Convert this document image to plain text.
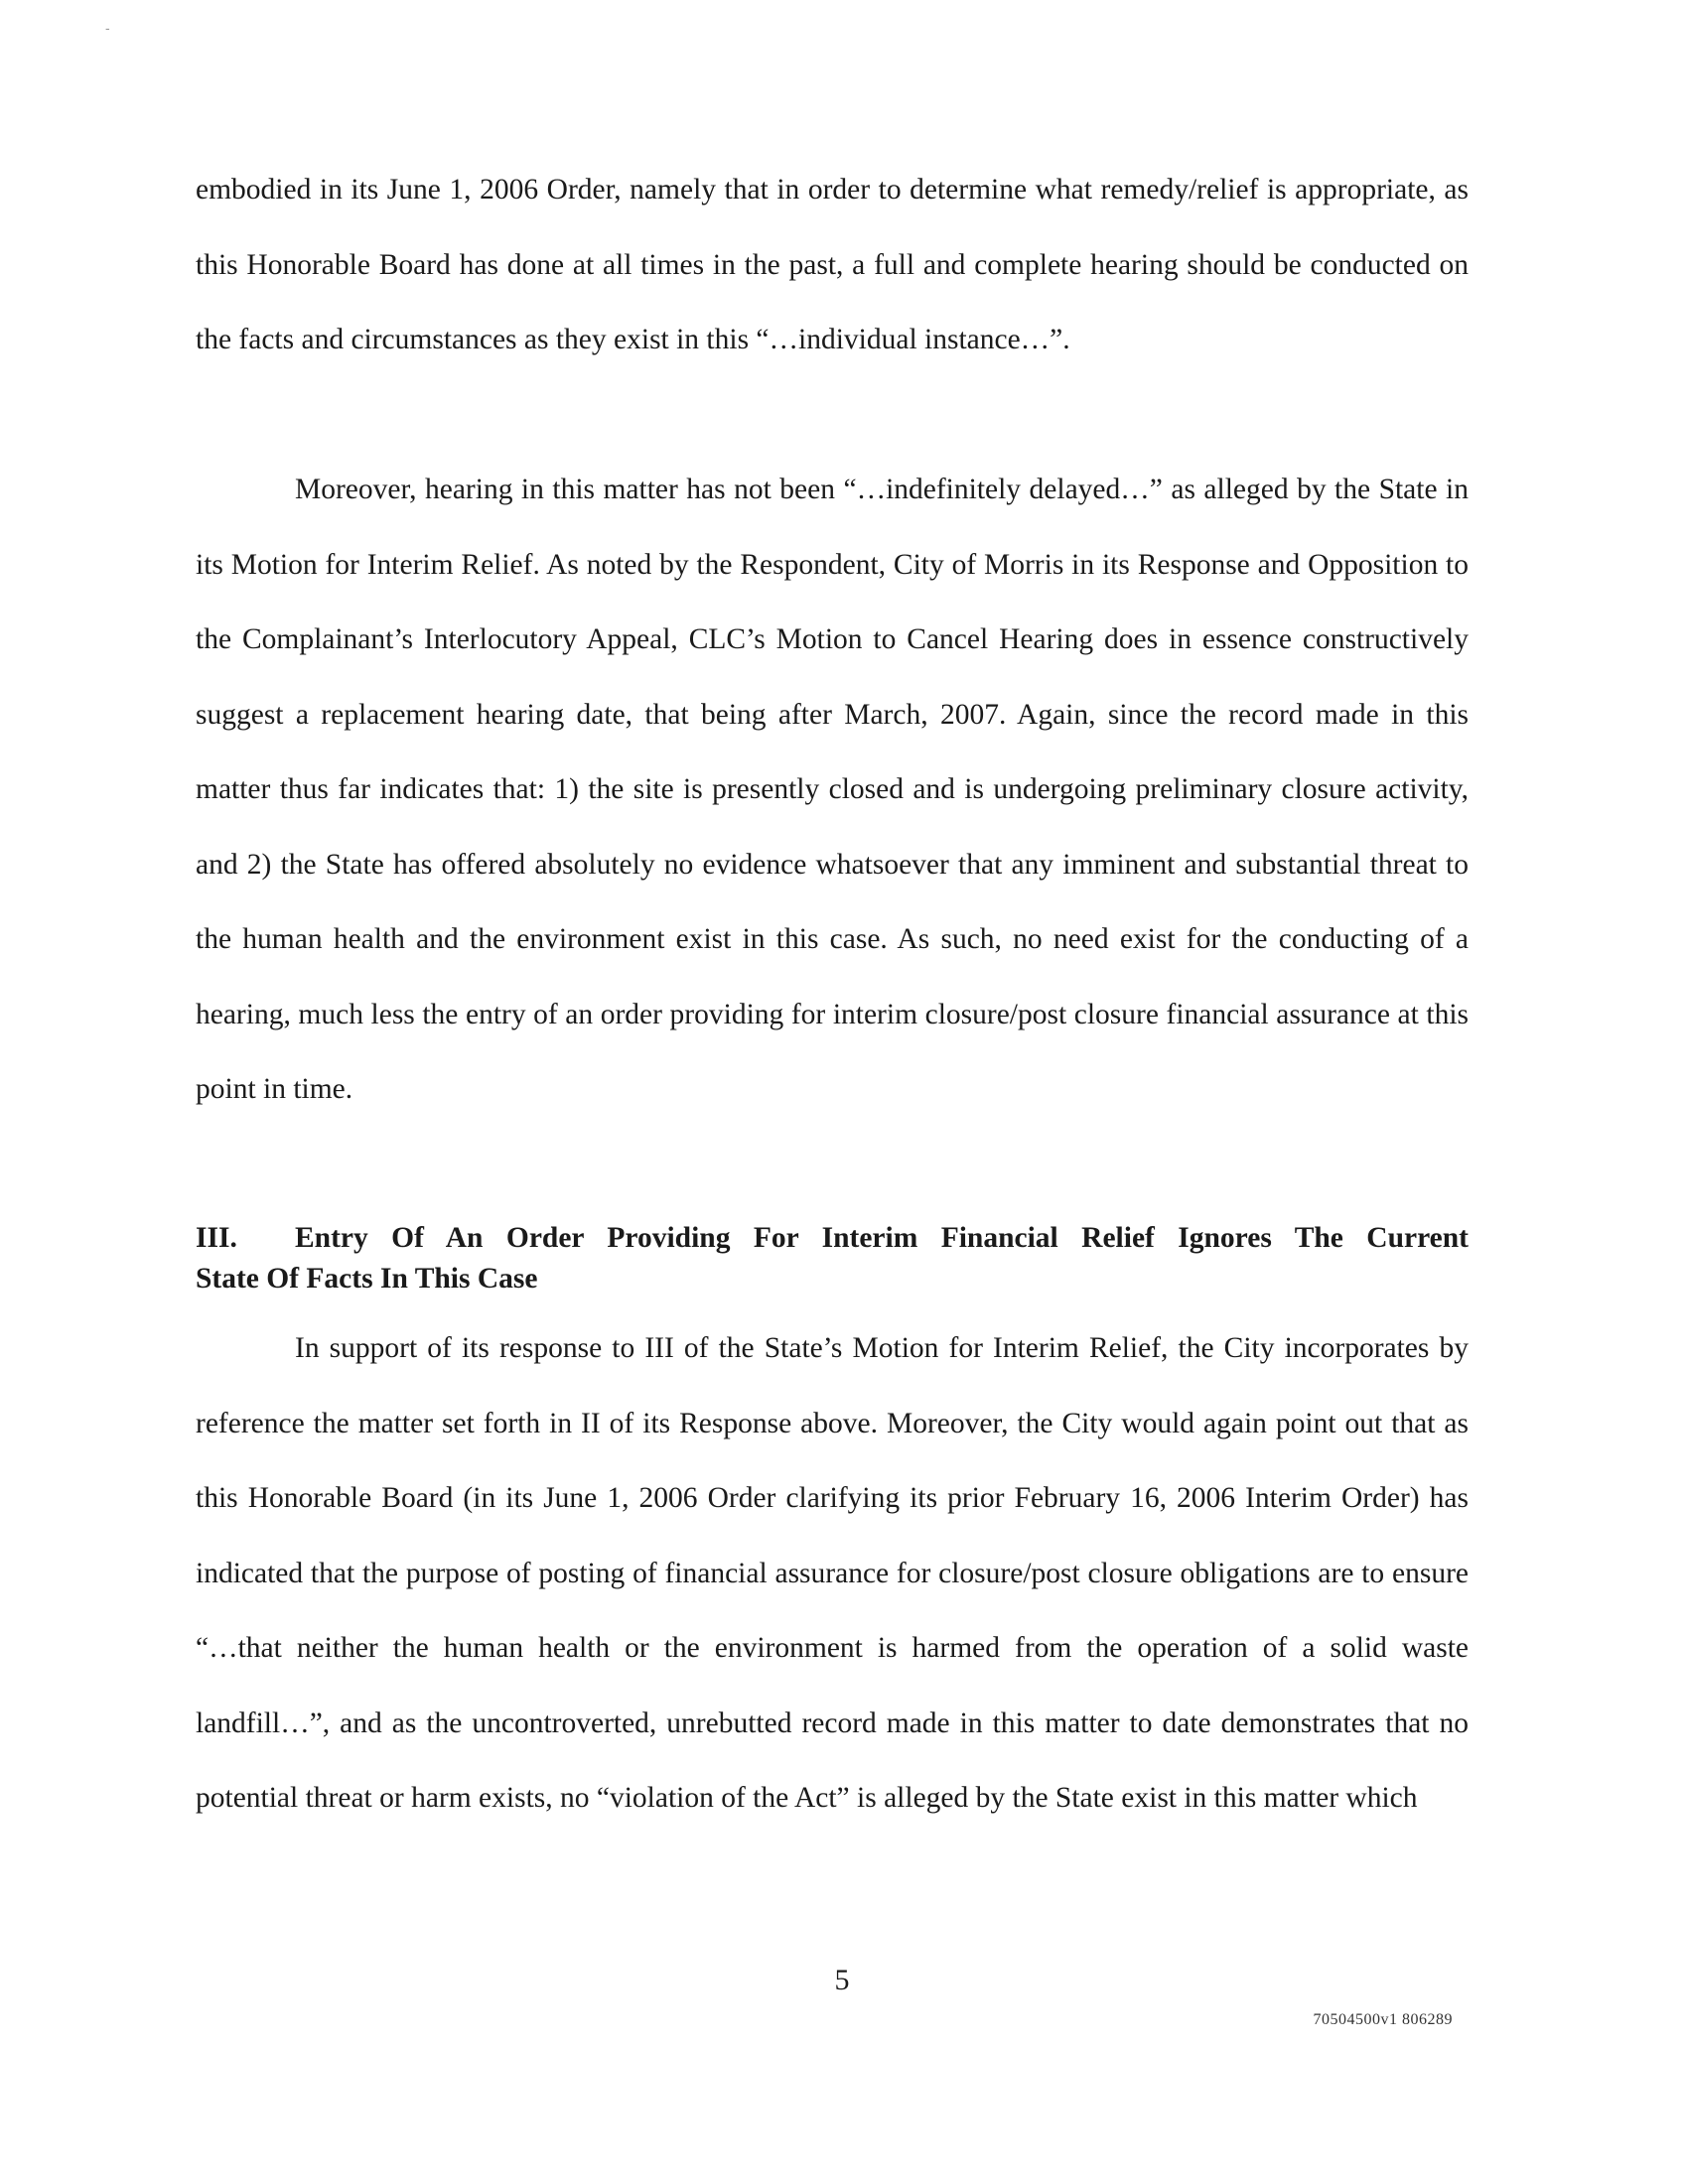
-

embodied in its June 1, 2006 Order, namely that in order to determine what remedy/relief is appropriate, as this Honorable Board has done at all times in the past, a full and complete hearing should be conducted on the facts and circumstances as they exist in this “…individual instance…”.

Moreover, hearing in this matter has not been “…indefinitely delayed…” as alleged by the State in its Motion for Interim Relief. As noted by the Respondent, City of Morris in its Response and Opposition to the Complainant’s Interlocutory Appeal, CLC’s Motion to Cancel Hearing does in essence constructively suggest a replacement hearing date, that being after March, 2007. Again, since the record made in this matter thus far indicates that: 1) the site is presently closed and is undergoing preliminary closure activity, and 2) the State has offered absolutely no evidence whatsoever that any imminent and substantial threat to the human health and the environment exist in this case. As such, no need exist for the conducting of a hearing, much less the entry of an order providing for interim closure/post closure financial assurance at this point in time.

III.	Entry Of An Order Providing For Interim Financial Relief Ignores The Current
State Of Facts In This Case

In support of its response to III of the State’s Motion for Interim Relief, the City incorporates by reference the matter set forth in II of its Response above. Moreover, the City would again point out that as this Honorable Board (in its June 1, 2006 Order clarifying its prior February 16, 2006 Interim Order) has indicated that the purpose of posting of financial assurance for closure/post closure obligations are to ensure “…that neither the human health or the environment is harmed from the operation of a solid waste landfill…”, and as the uncontroverted, unrebutted record made in this matter to date demonstrates that no potential threat or harm exists, no “violation of the Act” is alleged by the State exist in this matter which

5
70504500v1 806289
